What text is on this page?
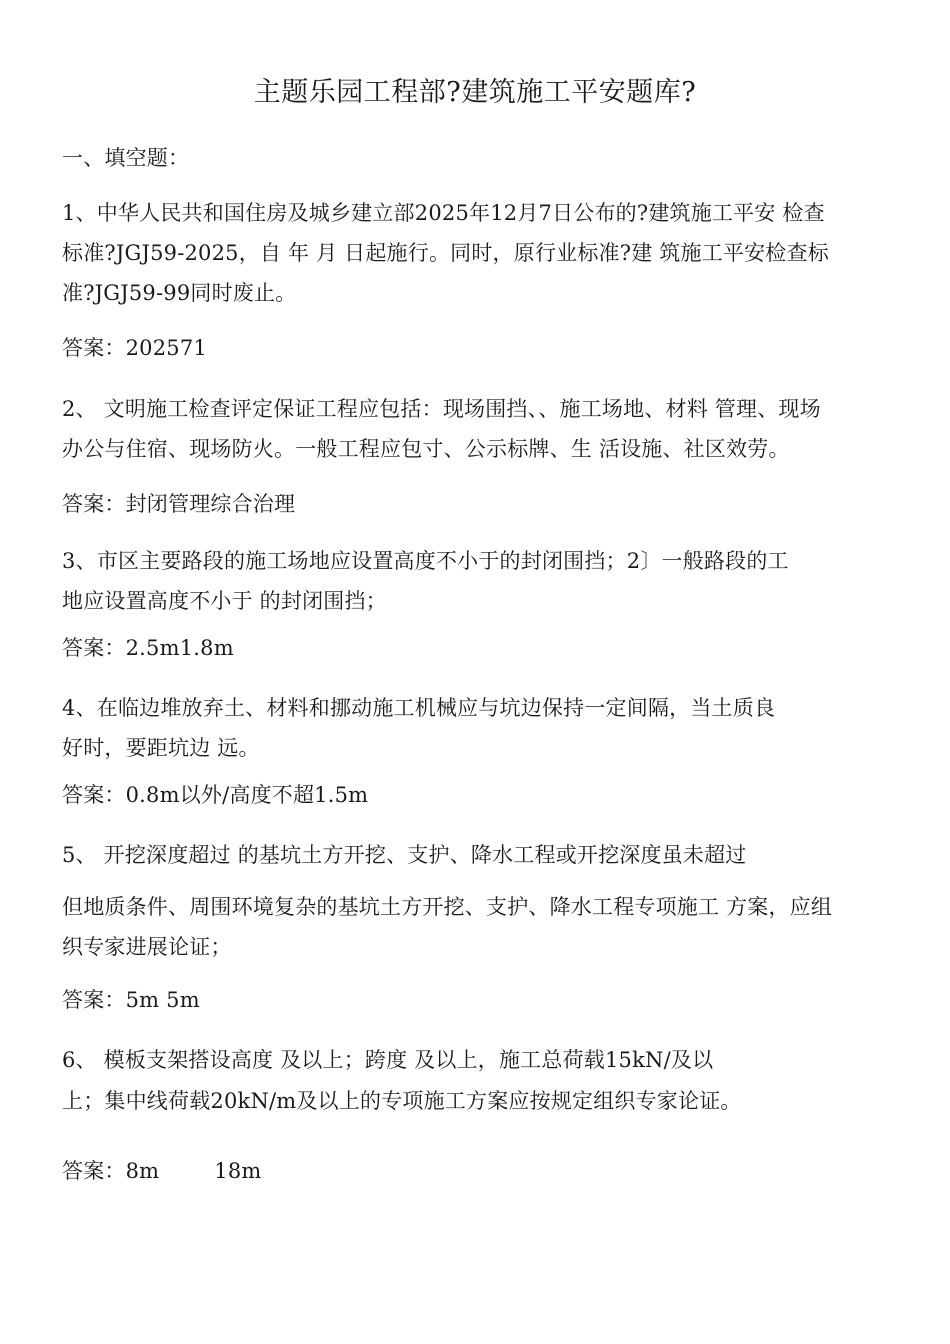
主题乐园工程部?建筑施工平安题库?
一、填空题：
1、中华人民共和国住房及城乡建立部2025年12月7日公布的?建筑施工平安 检查
标准?JGJ59-2025，自 年 月 日起施行。同时，原行业标准?建 筑施工平安检查标
准?JGJ59-99同时废止。
答案：202571
2、 文明施工检查评定保证工程应包括：现场围挡、、施工场地、材料 管理、现场
办公与住宿、现场防火。一般工程应包寸、公示标牌、生 活设施、社区效劳。
答案：封闭管理综合治理
3、市区主要路段的施工场地应设置高度不小于的封闭围挡；2〕一般路段的工
地应设置高度不小于 的封闭围挡；
答案：2.5m1.8m
4、在临边堆放弃土、材料和挪动施工机械应与坑边保持一定间隔，当土质良
好时，要距坑边 远。
答案：0.8m以外/高度不超1.5m
5、 开挖深度超过 的基坑土方开挖、支护、降水工程或开挖深度虽未超过
但地质条件、周围环境复杂的基坑土方开挖、支护、降水工程专项施工 方案，应组
织专家进展论证；
答案：5m 5m
6、 模板支架搭设高度 及以上；跨度 及以上，施工总荷载15kN/及以
上；集中线荷载20kN/m及以上的专项施工方案应按规定组织专家论证。
答案：8m        18m
